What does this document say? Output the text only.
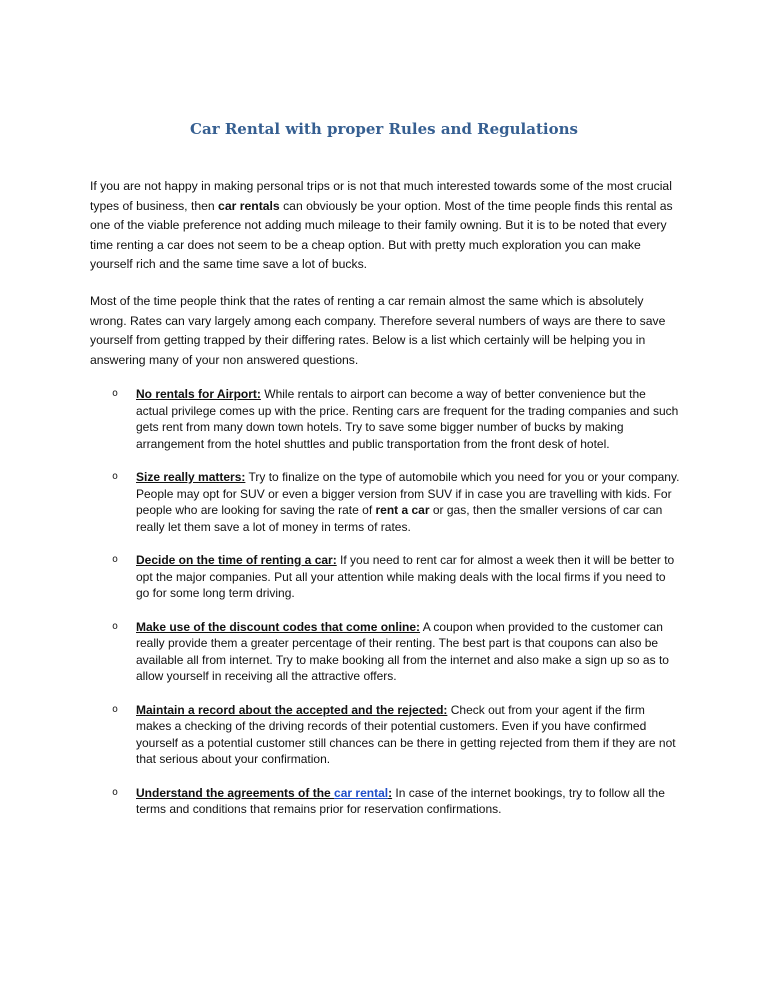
Car Rental with proper Rules and Regulations

If you are not happy in making personal trips or is not that much interested towards some of the most crucial types of business, then car rentals can obviously be your option. Most of the time people finds this rental as one of the viable preference not adding much mileage to their family owning. But it is to be noted that every time renting a car does not seem to be a cheap option. But with pretty much exploration you can make yourself rich and the same time save a lot of bucks.

Most of the time people think that the rates of renting a car remain almost the same which is absolutely wrong. Rates can vary largely among each company. Therefore several numbers of ways are there to save yourself from getting trapped by their differing rates. Below is a list which certainly will be helping you in answering many of your non answered questions.

o No rentals for Airport: While rentals to airport can become a way of better convenience but the actual privilege comes up with the price. Renting cars are frequent for the trading companies and such gets rent from many down town hotels. Try to save some bigger number of bucks by making arrangement from the hotel shuttles and public transportation from the front desk of hotel.
o Size really matters: Try to finalize on the type of automobile which you need for you or your company. People may opt for SUV or even a bigger version from SUV if in case you are travelling with kids. For people who are looking for saving the rate of rent a car or gas, then the smaller versions of car can really let them save a lot of money in terms of rates.
o Decide on the time of renting a car: If you need to rent car for almost a week then it will be better to opt the major companies. Put all your attention while making deals with the local firms if you need to go for some long term driving.
o Make use of the discount codes that come online: A coupon when provided to the customer can really provide them a greater percentage of their renting. The best part is that coupons can also be available all from internet. Try to make booking all from the internet and also make a sign up so as to allow yourself in receiving all the attractive offers.
o Maintain a record about the accepted and the rejected: Check out from your agent if the firm makes a checking of the driving records of their potential customers. Even if you have confirmed yourself as a potential customer still chances can be there in getting rejected from them if they are not that serious about your confirmation.
o Understand the agreements of the car rental: In case of the internet bookings, try to follow all the terms and conditions that remains prior for reservation confirmations.
